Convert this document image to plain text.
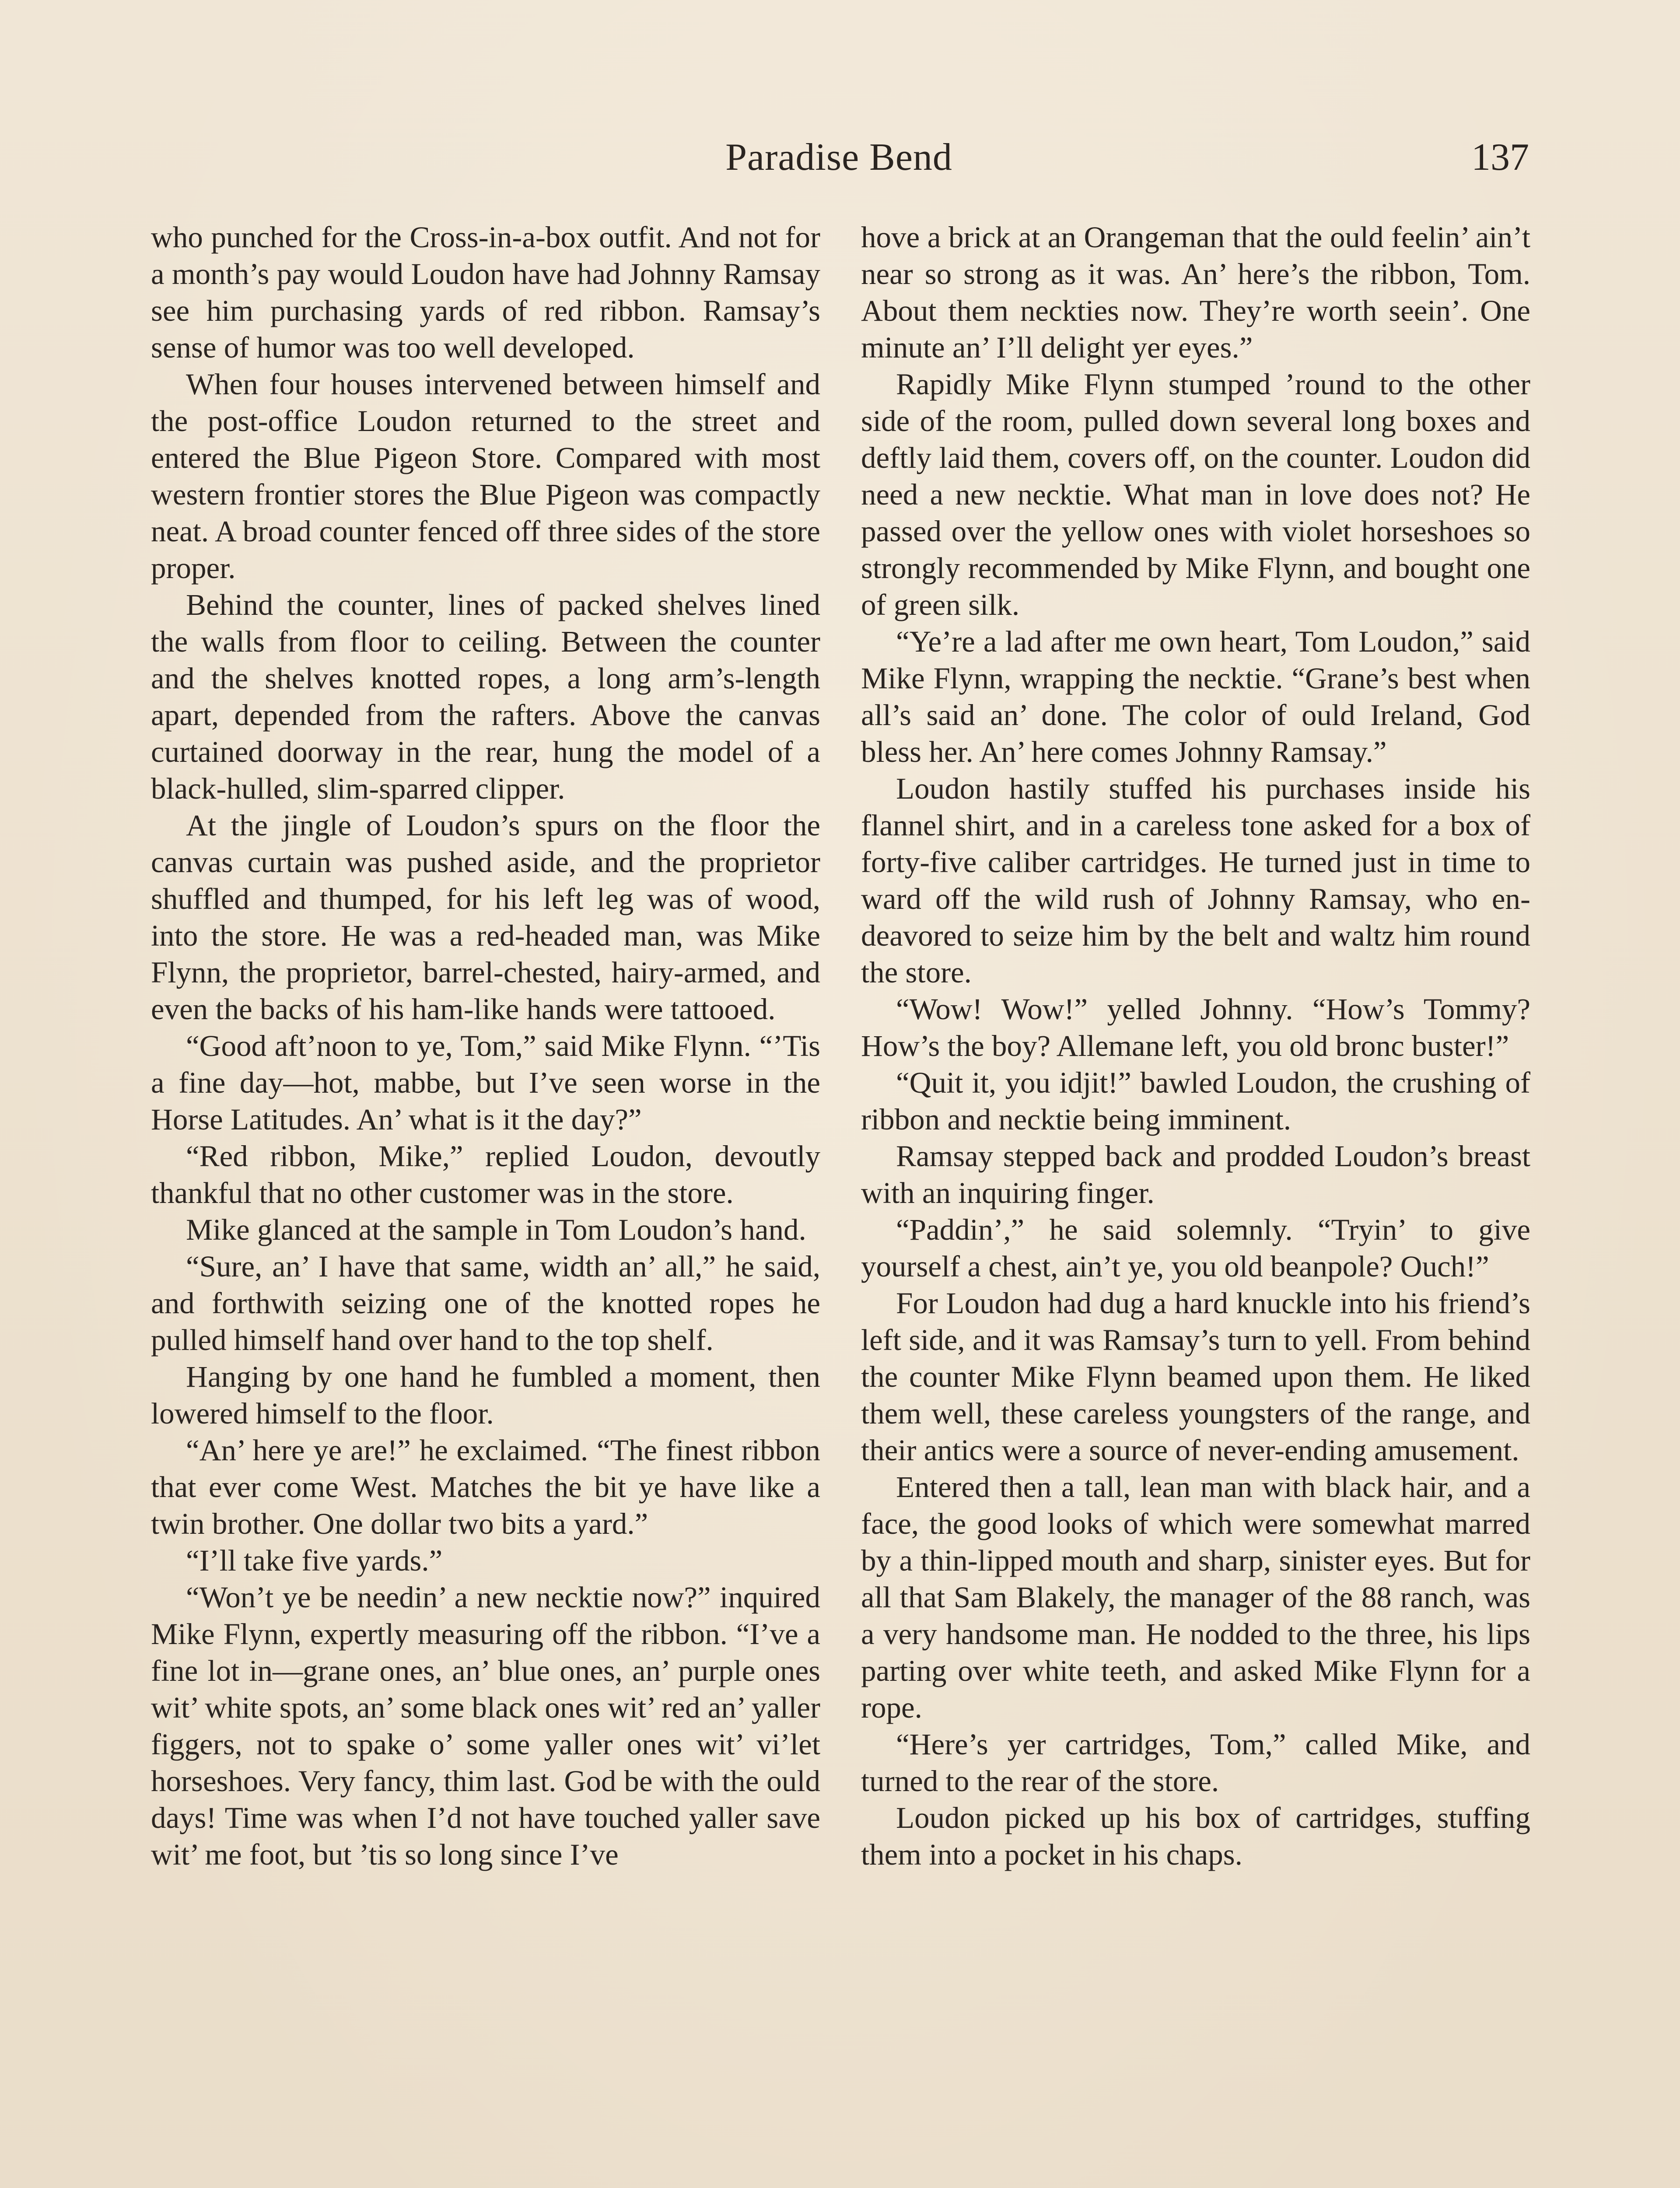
Paradise Bend	137

who punched for the Cross-in-a-box outfit. And not for a month’s pay would Loudon have had Johnny Ramsay see him purchasing yards of red ribbon. Ramsay’s sense of humor was too well developed.

When four houses intervened between himself and the post-office Loudon returned to the street and entered the Blue Pigeon Store. Compared with most western frontier stores the Blue Pigeon was compactly neat. A broad counter fenced off three sides of the store proper.

Behind the counter, lines of packed shelves lined the walls from floor to ceiling. Between the counter and the shelves knotted ropes, a long arm’s-length apart, depended from the rafters. Above the canvas curtained doorway in the rear, hung the model of a black-hulled, slim-sparred clipper.

At the jingle of Loudon’s spurs on the floor the canvas curtain was pushed aside, and the proprietor shuffled and thumped, for his left leg was of wood, into the store. He was a red-headed man, was Mike Flynn, the proprietor, barrel-chested, hairy-armed, and even the backs of his ham-like hands were tattooed.

“Good aft’noon to ye, Tom,” said Mike Flynn. “’Tis a fine day—hot, mabbe, but I’ve seen worse in the Horse Latitudes. An’ what is it the day?”

“Red ribbon, Mike,” replied Loudon, devoutly thankful that no other customer was in the store.

Mike glanced at the sample in Tom Loudon’s hand.

“Sure, an’ I have that same, width an’ all,” he said, and forthwith seizing one of the knotted ropes he pulled himself hand over hand to the top shelf.

Hanging by one hand he fumbled a moment, then lowered himself to the floor.

“An’ here ye are!” he exclaimed. “The finest ribbon that ever come West. Matches the bit ye have like a twin brother. One dollar two bits a yard.”

“I’ll take five yards.”

“Won’t ye be needin’ a new necktie now?” inquired Mike Flynn, expertly measuring off the ribbon. “I’ve a fine lot in—grane ones, an’ blue ones, an’ purple ones wit’ white spots, an’ some black ones wit’ red an’ yaller figgers, not to spake o’ some yaller ones wit’ vi’let horseshoes. Very fancy, thim last. God be with the ould days! Time was when I’d not have touched yaller save wit’ me foot, but ’tis so long since I’ve

hove a brick at an Orangeman that the ould feelin’ ain’t near so strong as it was. An’ here’s the ribbon, Tom. About them neckties now. They’re worth seein’. One minute an’ I’ll delight yer eyes.”

Rapidly Mike Flynn stumped ’round to the other side of the room, pulled down several long boxes and deftly laid them, covers off, on the counter. Loudon did need a new necktie. What man in love does not? He passed over the yellow ones with violet horseshoes so strongly recommended by Mike Flynn, and bought one of green silk.

“Ye’re a lad after me own heart, Tom Loudon,” said Mike Flynn, wrapping the necktie. “Grane’s best when all’s said an’ done. The color of ould Ireland, God bless her. An’ here comes Johnny Ramsay.”

Loudon hastily stuffed his purchases inside his flannel shirt, and in a careless tone asked for a box of forty-five caliber cartridges. He turned just in time to ward off the wild rush of Johnny Ramsay, who endeavored to seize him by the belt and waltz him round the store.

“Wow! Wow!” yelled Johnny. “How’s Tommy? How’s the boy? Allemane left, you old bronc buster!”

“Quit it, you idjit!” bawled Loudon, the crushing of ribbon and necktie being imminent.

Ramsay stepped back and prodded Loudon’s breast with an inquiring finger.

“Paddin’,” he said solemnly. “Tryin’ to give yourself a chest, ain’t ye, you old beanpole? Ouch!”

For Loudon had dug a hard knuckle into his friend’s left side, and it was Ramsay’s turn to yell. From behind the counter Mike Flynn beamed upon them. He liked them well, these careless youngsters of the range, and their antics were a source of never-ending amusement.

Entered then a tall, lean man with black hair, and a face, the good looks of which were somewhat marred by a thin-lipped mouth and sharp, sinister eyes. But for all that Sam Blakely, the manager of the 88 ranch, was a very handsome man. He nodded to the three, his lips parting over white teeth, and asked Mike Flynn for a rope.

“Here’s yer cartridges, Tom,” called Mike, and turned to the rear of the store.

Loudon picked up his box of cartridges, stuffing them into a pocket in his chaps.
